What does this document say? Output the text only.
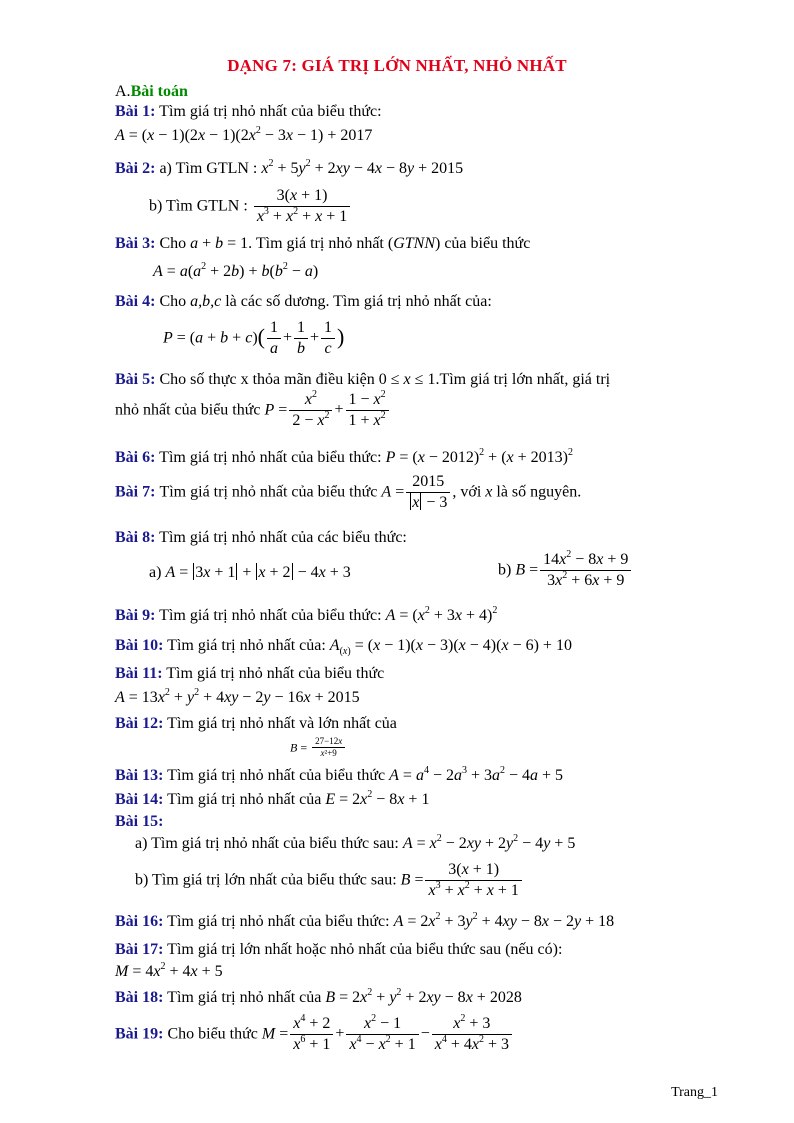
DẠNG 7: GIÁ TRỊ LỚN NHẤT, NHỎ NHẤT
A.Bài toán
Bài 1: Tìm giá trị nhỏ nhất của biểu thức:
$A = (x - 1)(2x - 1)(2x^2 - 3x - 1) + 2017$
Bài 2: a) Tìm GTLN : $x^2 + 5y^2 + 2xy - 4x - 8y + 2015$
b) Tìm GTLN : $\frac{3(x + 1)}{x^3 + x^2 + x + 1}$
Bài 3: Cho a + b = 1. Tìm giá trị nhỏ nhất (GTNN) của biểu thức
$A = a(a^2 + 2b) + b(b^2 - a)$
Bài 4: Cho a,b,c là các số dương. Tìm giá trị nhỏ nhất của:
$P = (a + b + c)( \frac{1}{a} + \frac{1}{b} + \frac{1}{c}$ )
Bài 5: Cho số thực x thỏa mãn điều kiện 0 ≤ x ≤ 1.Tìm giá trị lớn nhất, giá trị
nhỏ nhất của biểu thức $P = \frac{x^2}{2 - x^2} + \frac{1 - x^2}{1 + x^2}$
Bài 6: Tìm giá trị nhỏ nhất của biểu thức: $P = (x - 2012)^2 + (x + 2013)^2$
Bài 7: Tìm giá trị nhỏ nhất của biểu thức $A = \frac{2015}{x - 3}$ , với x là số nguyên.
Bài 8: Tìm giá trị nhỏ nhất của các biểu thức:
a) A = 3x + 1 + x + 2 − 4x + 3	b) $B = \frac{14x^2 - 8x + 9}{3x^2 + 6x + 9}$
Bài 9: Tìm giá trị nhỏ nhất của biểu thức: $A = (x^2 + 3x + 4)^2$
Bài 10: Tìm giá trị nhỏ nhất của: $A_{(x)} = (x - 1)(x - 3)(x - 4)(x - 6) + 10$
Bài 11: Tìm giá trị nhỏ nhất của biểu thức
$A = 13x^2 + y^2 + 4xy - 2y - 16x + 2015$
Bài 12: Tìm giá trị nhỏ nhất và lớn nhất của
$B = \frac{27-12x}{\text{x²+9}}$
Bài 13: Tìm giá trị nhỏ nhất của biểu thức $A = a^4 - 2a^3 + 3a^2 - 4a + 5$
Bài 14: Tìm giá trị nhỏ nhất của $E = 2x^2 - 8x + 1$
Bài 15:
a) Tìm giá trị nhỏ nhất của biểu thức sau: $A = x^2 - 2xy + 2y^2 - 4y + 5$
b) Tìm giá trị lớn nhất của biểu thức sau: $B = \frac{3(x + 1)}{x^3 + x^2 + x + 1}$
Bài 16: Tìm giá trị nhỏ nhất của biểu thức: $A = 2x^2 + 3y^2 + 4xy - 8x - 2y + 18$
Bài 17: Tìm giá trị lớn nhất hoặc nhỏ nhất của biểu thức sau (nếu có):
$M = 4x^2 + 4x + 5$
Bài 18: Tìm giá trị nhỏ nhất của $B = 2x^2 + y^2 + 2xy - 8x + 2028$
Bài 19: Cho biểu thức $M = \frac{x^4 + 2}{x^6 + 1} + \frac{x^2 - 1}{x^4 - x^2 + 1} - \frac{x^2 + 3}{x^4 + 4x^2 + 3}$
Trang_1
